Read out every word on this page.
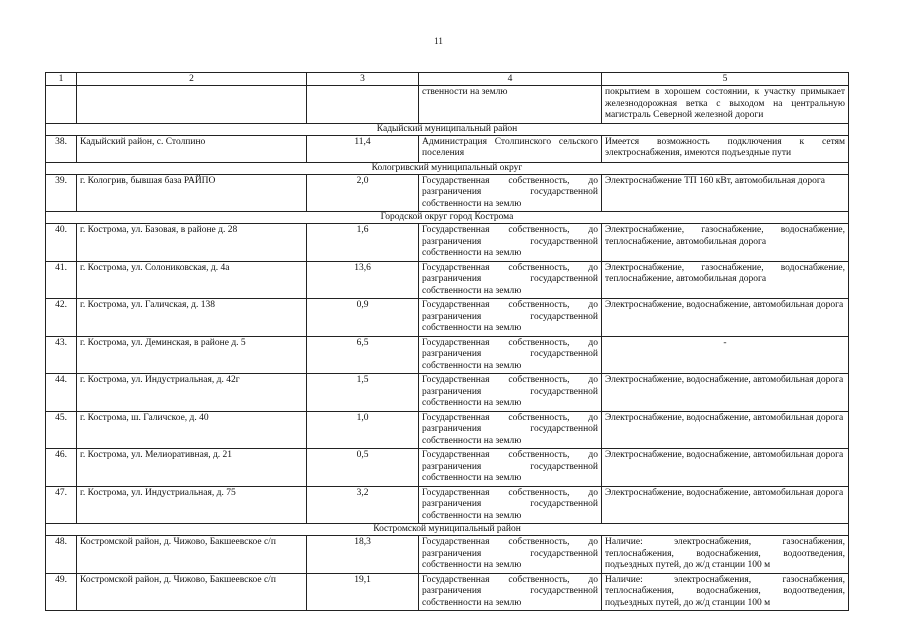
11
1	2	3	4	5
			ственности на землю	покрытием в хорошем состоянии, к участку примыкает железнодорожная ветка с выходом на центральную магистраль Северной железной дороги
Кадыйский муниципальный район				
38.	Кадыйский район, с. Столпино	11,4	Администрация Столпинского сельского поселения	Имеется возможность подключения к сетям электроснабжения, имеются подъездные пути
Кологривский муниципальный округ				
39.	г. Кологрив, бывшая база РАЙПО	2,0	Государственная собственность, до разграничения государственной собственности на землю	Электроснабжение ТП 160 кВт, автомобильная дорога
Городской округ город Кострома				
40.	г. Кострома, ул. Базовая, в районе д. 28	1,6	Государственная собственность, до разграничения государственной собственности на землю	Электроснабжение, газоснабжение, водоснабжение, теплоснабжение, автомобильная дорога
41.	г. Кострома, ул. Солониковская, д. 4а	13,6	Государственная собственность, до разграничения государственной собственности на землю	Электроснабжение, газоснабжение, водоснабжение, теплоснабжение, автомобильная дорога
42.	г. Кострома, ул. Галичская, д. 138	0,9	Государственная собственность, до разграничения государственной собственности на землю	Электроснабжение, водоснабжение, автомобильная дорога
43.	г. Кострома, ул. Деминская, в районе д. 5	6,5	Государственная собственность, до разграничения государственной собственности на землю	-
44.	г. Кострома, ул. Индустриальная, д. 42г	1,5	Государственная собственность, до разграничения государственной собственности на землю	Электроснабжение, водоснабжение, автомобильная дорога
45.	г. Кострома, ш. Галичское, д. 40	1,0	Государственная собственность, до разграничения государственной собственности на землю	Электроснабжение, водоснабжение, автомобильная дорога
46.	г. Кострома, ул. Мелиоративная, д. 21	0,5	Государственная собственность, до разграничения государственной собственности на землю	Электроснабжение, водоснабжение, автомобильная дорога
47.	г. Кострома, ул. Индустриальная, д. 75	3,2	Государственная собственность, до разграничения государственной собственности на землю	Электроснабжение, водоснабжение, автомобильная дорога
Костромской муниципальный район				
48.	Костромской район, д. Чижово, Бакшеевское с/п	18,3	Государственная собственность, до разграничения государственной собственности на землю	Наличие: электроснабжения, газоснабжения, теплоснабжения, водоснабжения, водоотведения, подъездных путей, до ж/д станции 100 м
49.	Костромской район, д. Чижово, Бакшеевское с/п	19,1	Государственная собственность, до разграничения государственной собственности на землю	Наличие: электроснабжения, газоснабжения, теплоснабжения, водоснабжения, водоотведения, подъездных путей, до ж/д станции 100 м
